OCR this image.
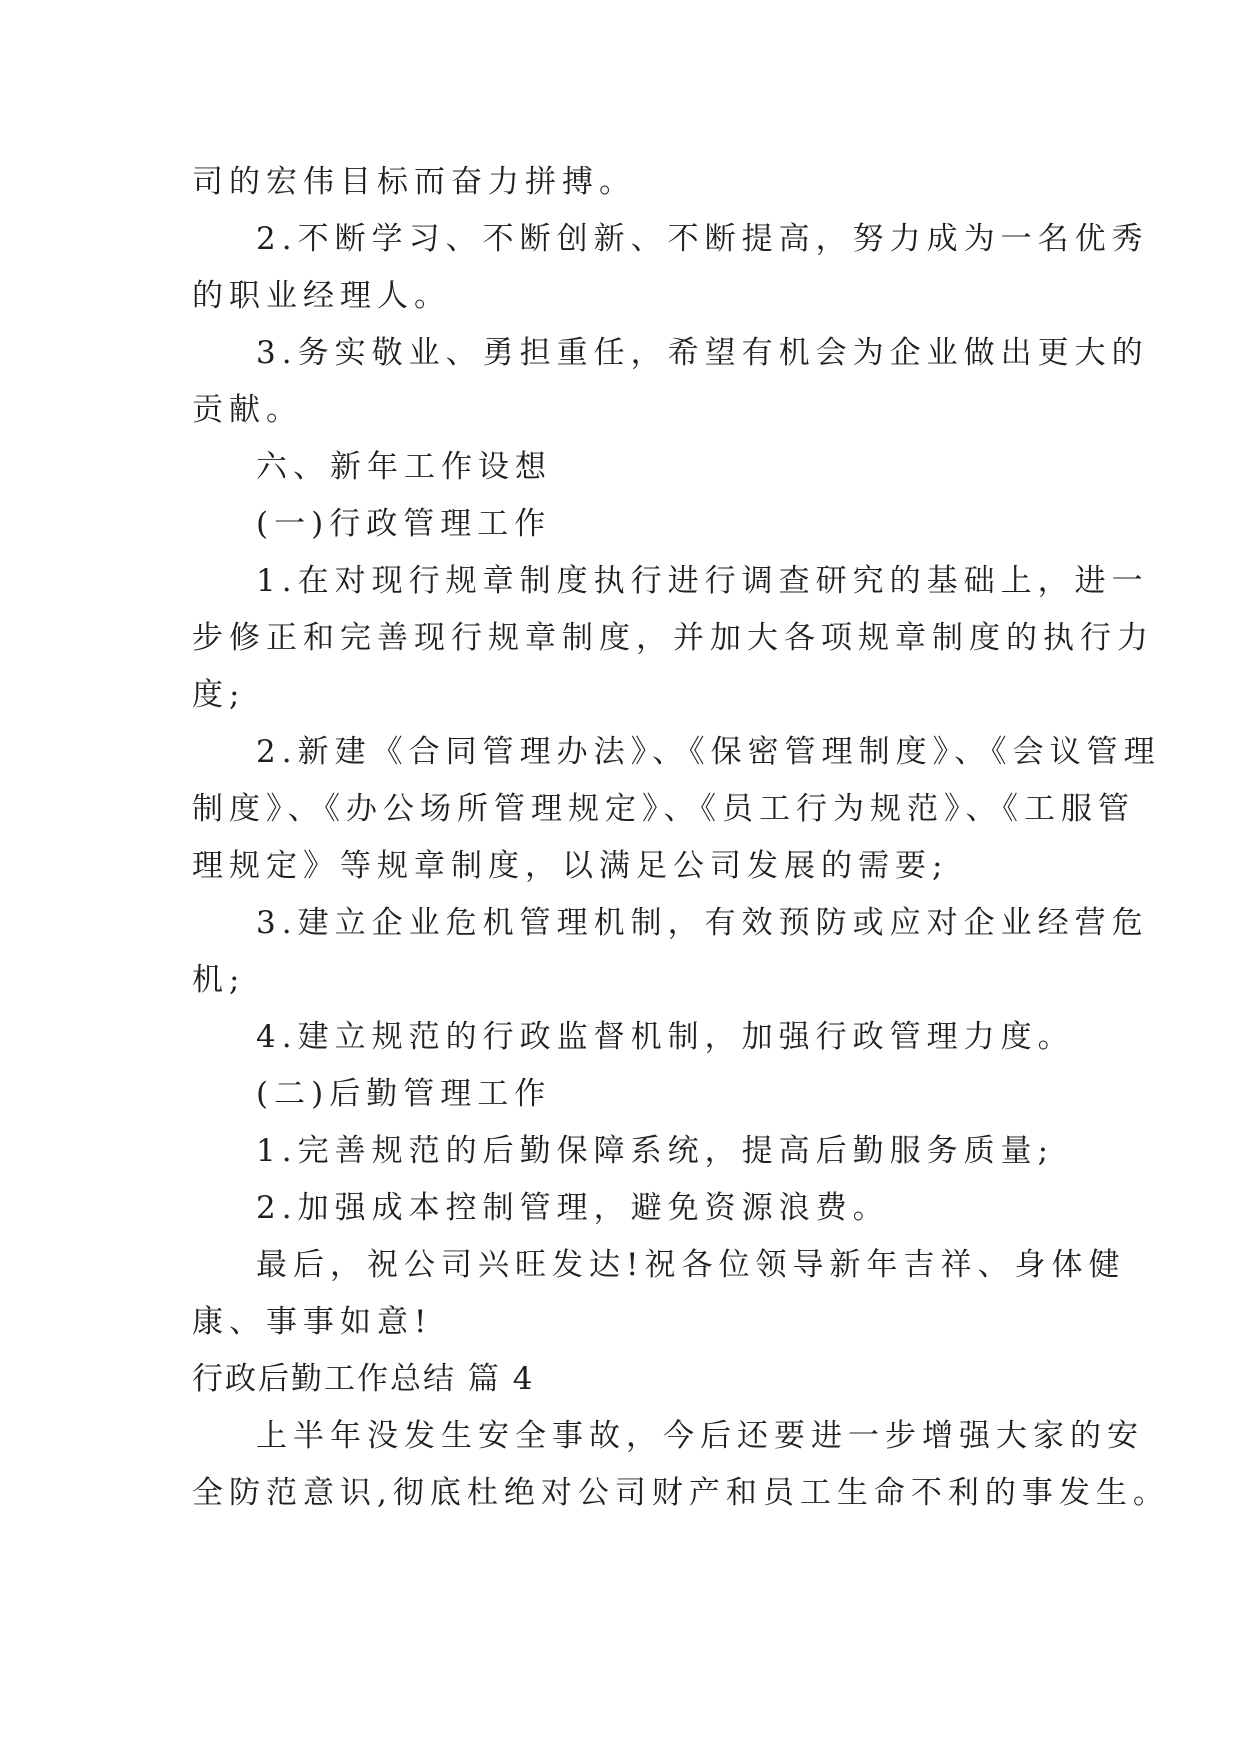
司的宏伟目标而奋力拼搏。
2.不断学习、不断创新、不断提高，努力成为一名优秀
的职业经理人。
3.务实敬业、勇担重任，希望有机会为企业做出更大的
贡献。
六、新年工作设想
(一)行政管理工作
1.在对现行规章制度执行进行调查研究的基础上，进一
步修正和完善现行规章制度，并加大各项规章制度的执行力
度;
2.新建《合同管理办法》、《保密管理制度》、《会议管理
制度》、《办公场所管理规定》、《员工行为规范》、《工服管
理规定》等规章制度，以满足公司发展的需要;
3.建立企业危机管理机制，有效预防或应对企业经营危
机;
4.建立规范的行政监督机制，加强行政管理力度。
(二)后勤管理工作
1.完善规范的后勤保障系统，提高后勤服务质量;
2.加强成本控制管理，避免资源浪费。
最后，祝公司兴旺发达!祝各位领导新年吉祥、身体健
康、事事如意!
行政后勤工作总结 篇 4
上半年没发生安全事故，今后还要进一步增强大家的安
全防范意识,彻底杜绝对公司财产和员工生命不利的事发生。
